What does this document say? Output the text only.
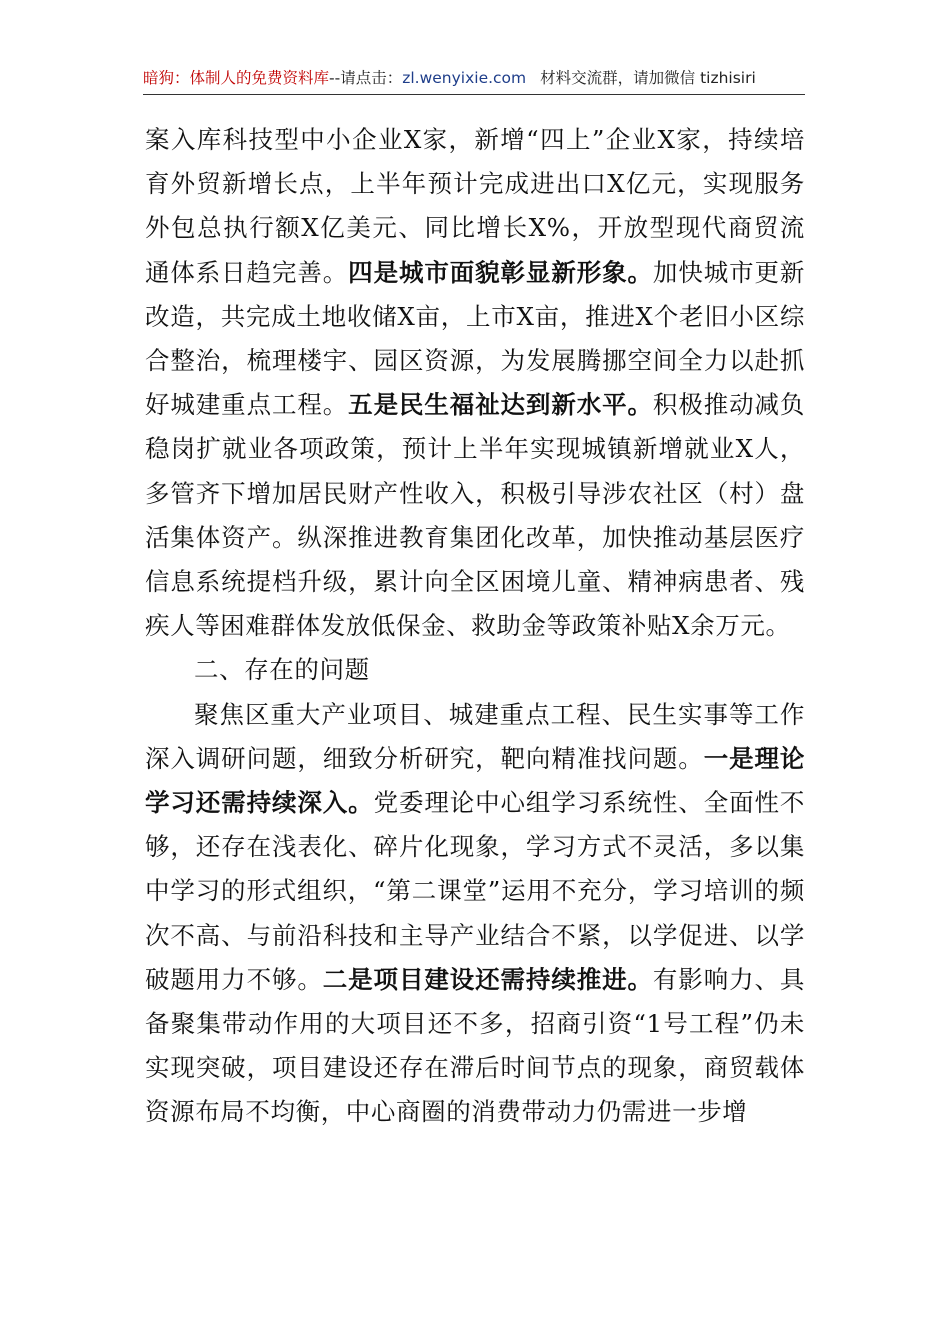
暗狗：体制人的免费资料库--请点击：zl.wenyixie.com 材料交流群，请加微信 tizhisiri

案入库科技型中小企业X家，新增“四上”企业X家，持续培育外贸新增长点，上半年预计完成进出口X亿元，实现服务外包总执行额X亿美元、同比增长X%，开放型现代商贸流通体系日趋完善。四是城市面貌彰显新形象。加快城市更新改造，共完成土地收储X亩，上市X亩，推进X个老旧小区综合整治，梳理楼宇、园区资源，为发展腾挪空间全力以赴抓好城建重点工程。五是民生福祉达到新水平。积极推动减负稳岗扩就业各项政策，预计上半年实现城镇新增就业X人，多管齐下增加居民财产性收入，积极引导涉农社区（村）盘活集体资产。纵深推进教育集团化改革，加快推动基层医疗信息系统提档升级，累计向全区困境儿童、精神病患者、残疾人等困难群体发放低保金、救助金等政策补贴X余万元。

二、存在的问题

聚焦区重大产业项目、城建重点工程、民生实事等工作深入调研问题，细致分析研究，靶向精准找问题。一是理论学习还需持续深入。党委理论中心组学习系统性、全面性不够，还存在浅表化、碎片化现象，学习方式不灵活，多以集中学习的形式组织，“第二课堂”运用不充分，学习培训的频次不高、与前沿科技和主导产业结合不紧，以学促进、以学破题用力不够。二是项目建设还需持续推进。有影响力、具备聚集带动作用的大项目还不多，招商引资“1号工程”仍未实现突破，项目建设还存在滞后时间节点的现象，商贸载体资源布局不均衡，中心商圈的消费带动力仍需进一步增
